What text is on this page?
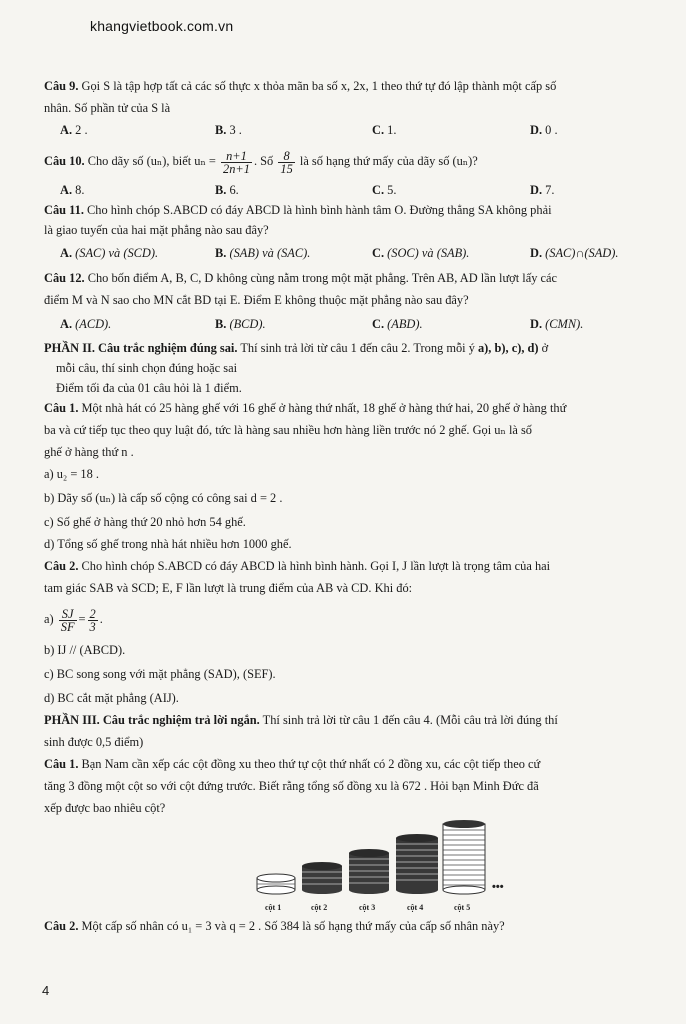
khangvietbook.com.vn
Câu 9. Gọi S là tập hợp tất cả các số thực x thỏa mãn ba số x, 2x, 1 theo thứ tự đó lập thành một cấp số
nhân. Số phần tử của S là
A. 2 .	B. 3 .	C. 1.	D. 0 .
Câu 10. Cho dãy số (uₙ), biết $u_n = \frac{n+1}{2n+1}$ . Số $\frac{8}{15}$ là số hạng thứ mấy của dãy số (uₙ)?
A. 8.	B. 6.	C. 5.	D. 7.
Câu 11. Cho hình chóp S.ABCD có đáy ABCD là hình bình hành tâm O. Đường thẳng SA không phải
là giao tuyến của hai mặt phẳng nào sau đây?
A. (SAC) và (SCD).	B. (SAB) và (SAC).	C. (SOC) và (SAB).	D. (SAC)∩(SAD).
Câu 12. Cho bốn điểm A, B, C, D không cùng nằm trong một mặt phẳng. Trên AB, AD lần lượt lấy các
điểm M và N sao cho MN cắt BD tại E. Điểm E không thuộc mặt phẳng nào sau đây?
A. (ACD).	B. (BCD).	C. (ABD).	D. (CMN).
PHẦN II. Câu trắc nghiệm đúng sai. Thí sinh trả lời từ câu 1 đến câu 2. Trong mỗi ý a), b), c), d) ở
mỗi câu, thí sinh chọn đúng hoặc sai
Điểm tối đa của 01 câu hỏi là 1 điểm.
Câu 1. Một nhà hát có 25 hàng ghế với 16 ghế ở hàng thứ nhất, 18 ghế ở hàng thứ hai, 20 ghế ở hàng thứ
ba và cứ tiếp tục theo quy luật đó, tức là hàng sau nhiều hơn hàng liền trước nó 2 ghế. Gọi uₙ là số
ghế ở hàng thứ n .
a) u₂ = 18 .
b) Dãy số (uₙ) là cấp số cộng có công sai d = 2 .
c) Số ghế ở hàng thứ 20 nhỏ hơn 54 ghế.
d) Tổng số ghế trong nhà hát nhiều hơn 1000 ghế.
Câu 2. Cho hình chóp S.ABCD có đáy ABCD là hình bình hành. Gọi I, J lần lượt là trọng tâm của hai
tam giác SAB và SCD; E, F lần lượt là trung điểm của AB và CD. Khi đó:
$a) \frac{SJ}{SF} = \frac{2}{3}$ .
b) IJ // (ABCD).
c) BC song song với mặt phẳng (SAD), (SEF).
d) BC cắt mặt phẳng (AIJ).
PHẦN III. Câu trắc nghiệm trả lời ngắn. Thí sinh trả lời từ câu 1 đến câu 4. (Mỗi câu trả lời đúng thí
sinh được 0,5 điểm)
Câu 1. Bạn Nam cần xếp các cột đồng xu theo thứ tự cột thứ nhất có 2 đồng xu, các cột tiếp theo cứ
tăng 3 đồng một cột so với cột đứng trước. Biết rằng tổng số đồng xu là 672 . Hỏi bạn Minh Đức đã
xếp được bao nhiêu cột?
Câu 2. Một cấp số nhân có u₁ = 3 và q = 2 . Số 384 là số hạng thứ mấy của cấp số nhân này?
•••
cột 1	cột 2	cột 3	cột 4	cột 5
4
